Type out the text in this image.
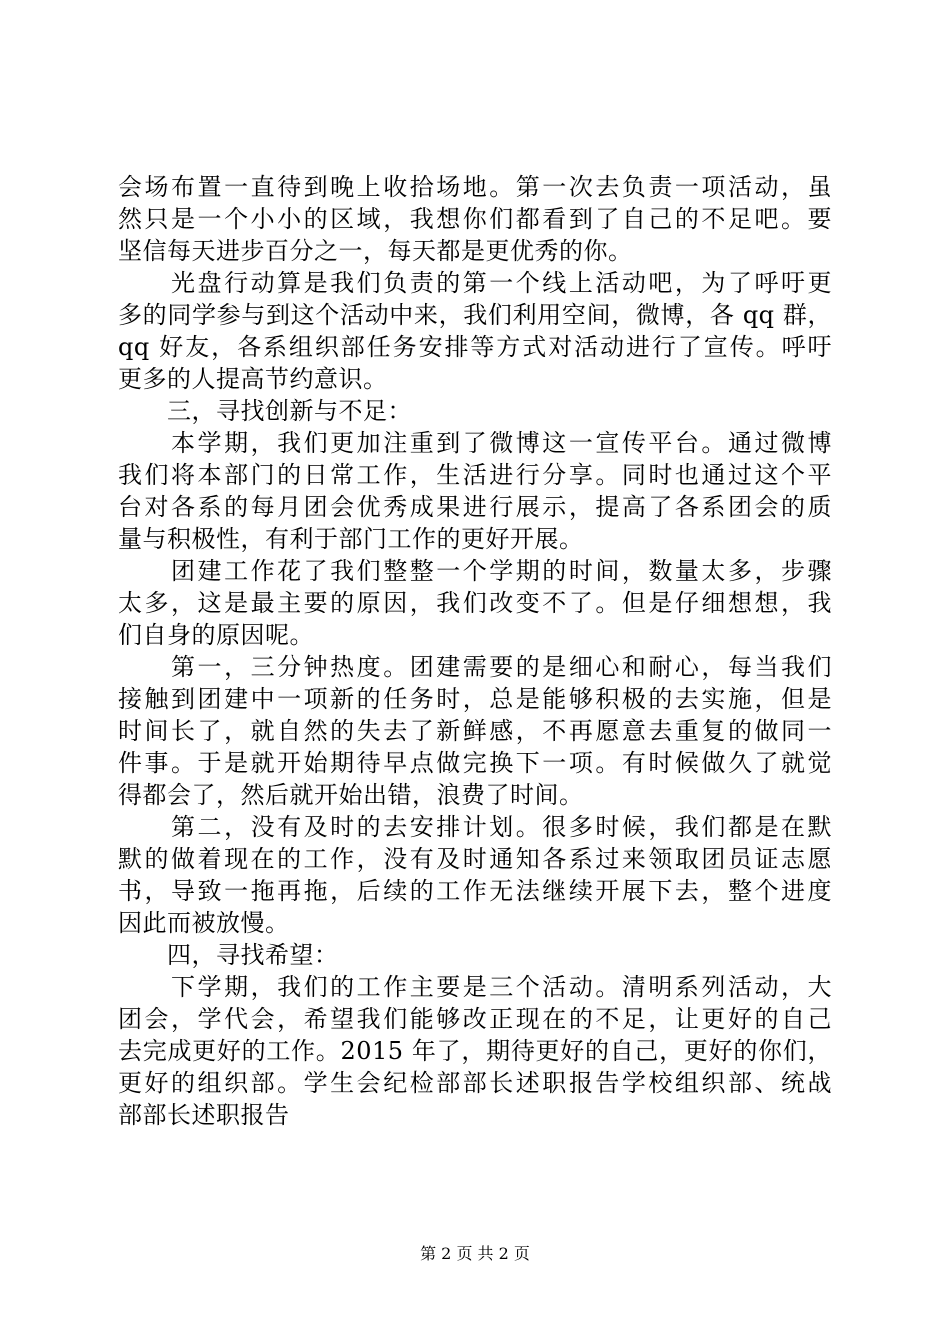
会场布置一直待到晚上收拾场地。第一次去负责一项活动，虽
然只是一个小小的区域，我想你们都看到了自己的不足吧。要
坚信每天进步百分之一，每天都是更优秀的你。
　　光盘行动算是我们负责的第一个线上活动吧，为了呼吁更
多的同学参与到这个活动中来，我们利用空间，微博，各 qq 群，
qq 好友，各系组织部任务安排等方式对活动进行了宣传。呼吁
更多的人提高节约意识。
　　三，寻找创新与不足：
　　本学期，我们更加注重到了微博这一宣传平台。通过微博
我们将本部门的日常工作，生活进行分享。同时也通过这个平
台对各系的每月团会优秀成果进行展示，提高了各系团会的质
量与积极性，有利于部门工作的更好开展。
　　团建工作花了我们整整一个学期的时间，数量太多，步骤
太多，这是最主要的原因，我们改变不了。但是仔细想想，我
们自身的原因呢。
　　第一，三分钟热度。团建需要的是细心和耐心，每当我们
接触到团建中一项新的任务时，总是能够积极的去实施，但是
时间长了，就自然的失去了新鲜感，不再愿意去重复的做同一
件事。于是就开始期待早点做完换下一项。有时候做久了就觉
得都会了，然后就开始出错，浪费了时间。
　　第二，没有及时的去安排计划。很多时候，我们都是在默
默的做着现在的工作，没有及时通知各系过来领取团员证志愿
书，导致一拖再拖，后续的工作无法继续开展下去，整个进度
因此而被放慢。
　　四，寻找希望：
　　下学期，我们的工作主要是三个活动。清明系列活动，大
团会，学代会，希望我们能够改正现在的不足，让更好的自己
去完成更好的工作。2015 年了，期待更好的自己，更好的你们，
更好的组织部。学生会纪检部部长述职报告学校组织部、统战
部部长述职报告
第 2 页 共 2 页
